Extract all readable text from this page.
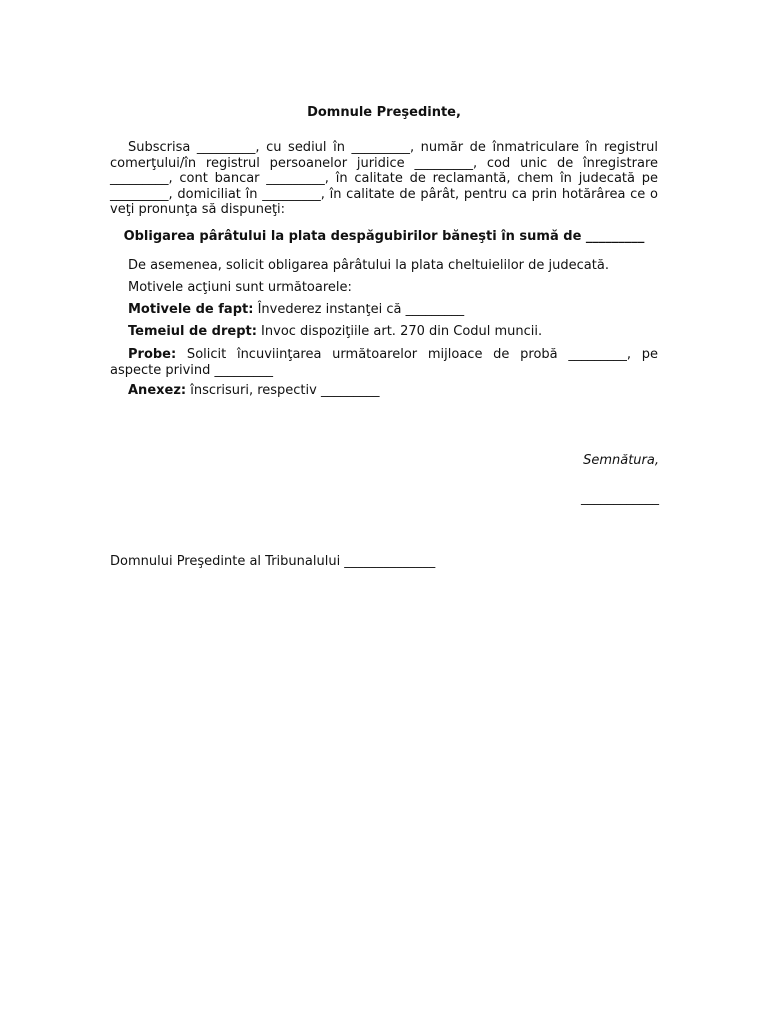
Domnule Preşedinte,
Subscrisa _________, cu sediul în _________, număr de înmatriculare în registrul comerţului/în registrul persoanelor juridice _________, cod unic de înregistrare _________, cont bancar _________, în calitate de reclamantă, chem în judecată pe _________, domiciliat în _________, în calitate de pârât, pentru ca prin hotărârea ce o veţi pronunţa să dispuneţi:
Obligarea pârâtului la plata despăgubirilor băneşti în sumă de _________
De asemenea, solicit obligarea pârâtului la plata cheltuielilor de judecată.
Motivele acţiuni sunt următoarele:
Motivele de fapt: Învederez instanţei că _________
Temeiul de drept: Invoc dispoziţiile art. 270 din Codul muncii.
Probe: Solicit încuviinţarea următoarelor mijloace de probă _________, pe aspecte privind _________
Anexez: înscrisuri, respectiv _________
Semnătura,
____________
Domnului Preşedinte al Tribunalului ______________
